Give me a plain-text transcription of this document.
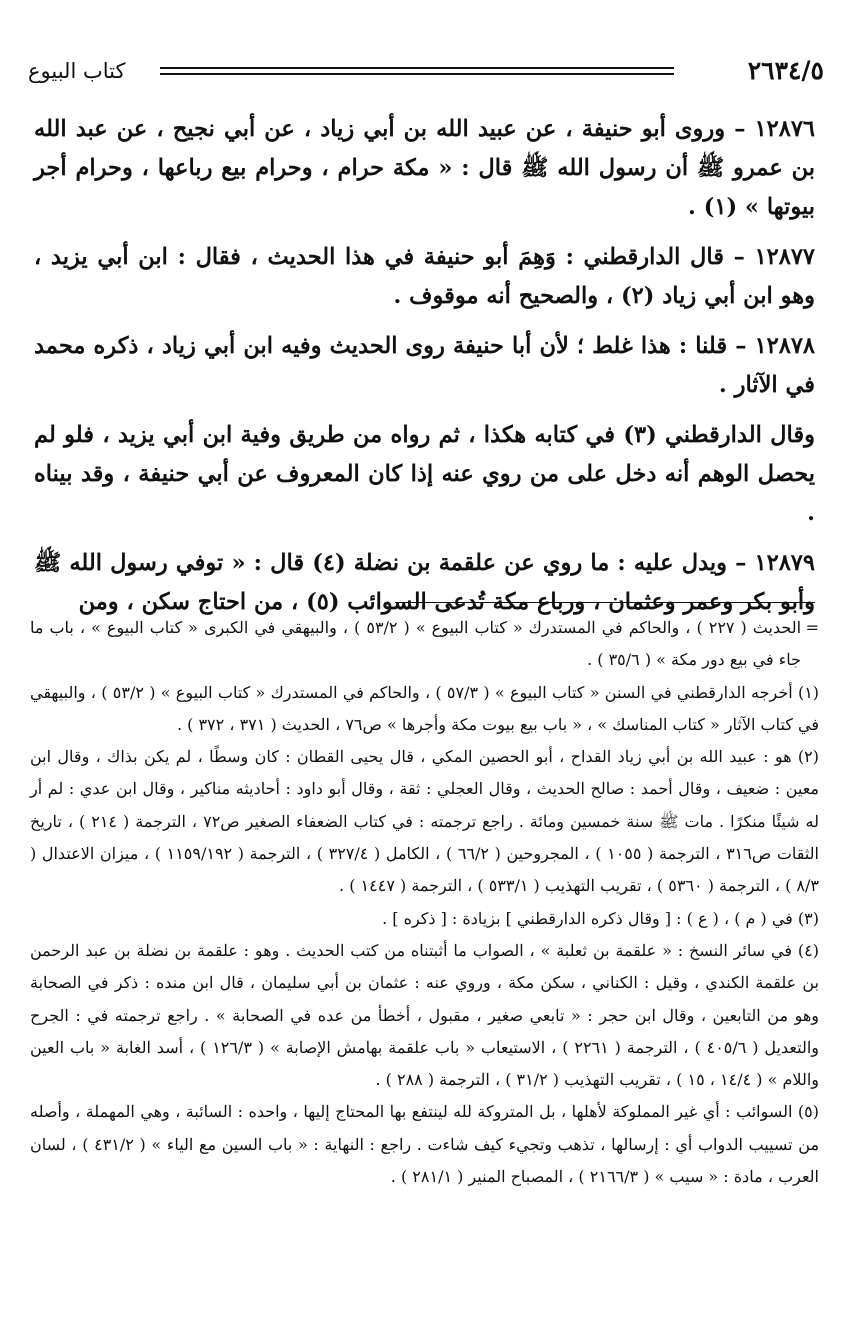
٢٦٣٤/٥
كتاب البيوع

١٢٨٧٦ – وروى أبو حنيفة ، عن عبيد الله بن أبي زياد ، عن أبي نجيح ، عن عبد الله بن عمرو ﷺ أن رسول الله ﷺ قال : « مكة حرام ، وحرام بيع رباعها ، وحرام أجر بيوتها » (١) .

١٢٨٧٧ – قال الدارقطني : وَهِمَ أبو حنيفة في هذا الحديث ، فقال : ابن أبي يزيد ، وهو ابن أبي زياد (٢) ، والصحيح أنه موقوف .

١٢٨٧٨ – قلنا : هذا غلط ؛ لأن أبا حنيفة روى الحديث وفيه ابن أبي زياد ، ذكره محمد في الآثار .

وقال الدارقطني (٣) في كتابه هكذا ، ثم رواه من طريق وفية ابن أبي يزيد ، فلو لم يحصل الوهم أنه دخل على من روي عنه إذا كان المعروف عن أبي حنيفة ، وقد بيناه .

١٢٨٧٩ – ويدل عليه : ما روي عن علقمة بن نضلة (٤) قال : « توفي رسول الله ﷺ وأبو بكر وعمر وعثمان ، ورباع مكة تُدعى السوائب (٥) ، من احتاج سكن ، ومن

=
الحديث ( ٢٢٧ ) ، والحاكم في المستدرك « كتاب البيوع » ( ٥٣/٢ ) ، والبيهقي في الكبرى « كتاب البيوع » ، باب ما جاء في بيع دور مكة » ( ٣٥/٦ ) .

(١) أخرجه الدارقطني في السنن « كتاب البيوع » ( ٥٧/٣ ) ، والحاكم في المستدرك « كتاب البيوع » ( ٥٣/٢ ) ، والبيهقي في كتاب الآثار « كتاب المناسك » ، « باب بيع بيوت مكة وأجرها » ص٧٦ ، الحديث ( ٣٧١ ، ٣٧٢ ) .

(٢) هو : عبيد الله بن أبي زياد القداح ، أبو الحصين المكي ، قال يحيى القطان : كان وسطًا ، لم يكن بذاك ، وقال ابن معين : ضعيف ، وقال أحمد : صالح الحديث ، وقال العجلي : ثقة ، وقال أبو داود : أحاديثه مناكير ، وقال ابن عدي : لم أر له شيئًا منكرًا . مات ﷺ سنة خمسين ومائة . راجع ترجمته : في كتاب الضعفاء الصغير ص٧٢ ، الترجمة ( ٢١٤ ) ، تاريخ الثقات ص٣١٦ ، الترجمة ( ١٠٥٥ ) ، المجروحين ( ٦٦/٢ ) ، الكامل ( ٣٢٧/٤ ) ، الترجمة ( ١١٥٩/١٩٢ ) ، ميزان الاعتدال ( ٨/٣ ) ، الترجمة ( ٥٣٦٠ ) ، تقريب التهذيب ( ٥٣٣/١ ) ، الترجمة ( ١٤٤٧ ) .

(٣) في ( م ) ، ( ع ) : [ وقال ذكره الدارقطني ] بزيادة : [ ذكره ] .

(٤) في سائر النسخ : « علقمة بن ثعلبة » ، الصواب ما أثبتناه من كتب الحديث . وهو : علقمة بن نضلة بن عبد الرحمن بن علقمة الكندي ، وقيل : الكناني ، سكن مكة ، وروي عنه : عثمان بن أبي سليمان ، قال ابن منده : ذكر في الصحابة وهو من التابعين ، وقال ابن حجر : « تابعي صغير ، مقبول ، أخطأ من عده في الصحابة » . راجع ترجمته في : الجرح والتعديل ( ٤٠٥/٦ ) ، الترجمة ( ٢٢٦١ ) ، الاستيعاب « باب علقمة بهامش الإصابة » ( ١٢٦/٣ ) ، أسد الغابة « باب العين واللام » ( ١٤/٤ ، ١٥ ) ، تقريب التهذيب ( ٣١/٢ ) ، الترجمة ( ٢٨٨ ) .

(٥) السوائب : أي غير المملوكة لأهلها ، بل المتروكة لله لينتفع بها المحتاج إليها ، واحده : السائبة ، وهي المهملة ، وأصله من تسييب الدواب أي : إرسالها ، تذهب وتجيء كيف شاءت . راجع : النهاية : « باب السين مع الياء » ( ٤٣١/٢ ) ، لسان العرب ، مادة : « سيب » ( ٢١٦٦/٣ ) ، المصباح المنير ( ٢٨١/١ ) .
